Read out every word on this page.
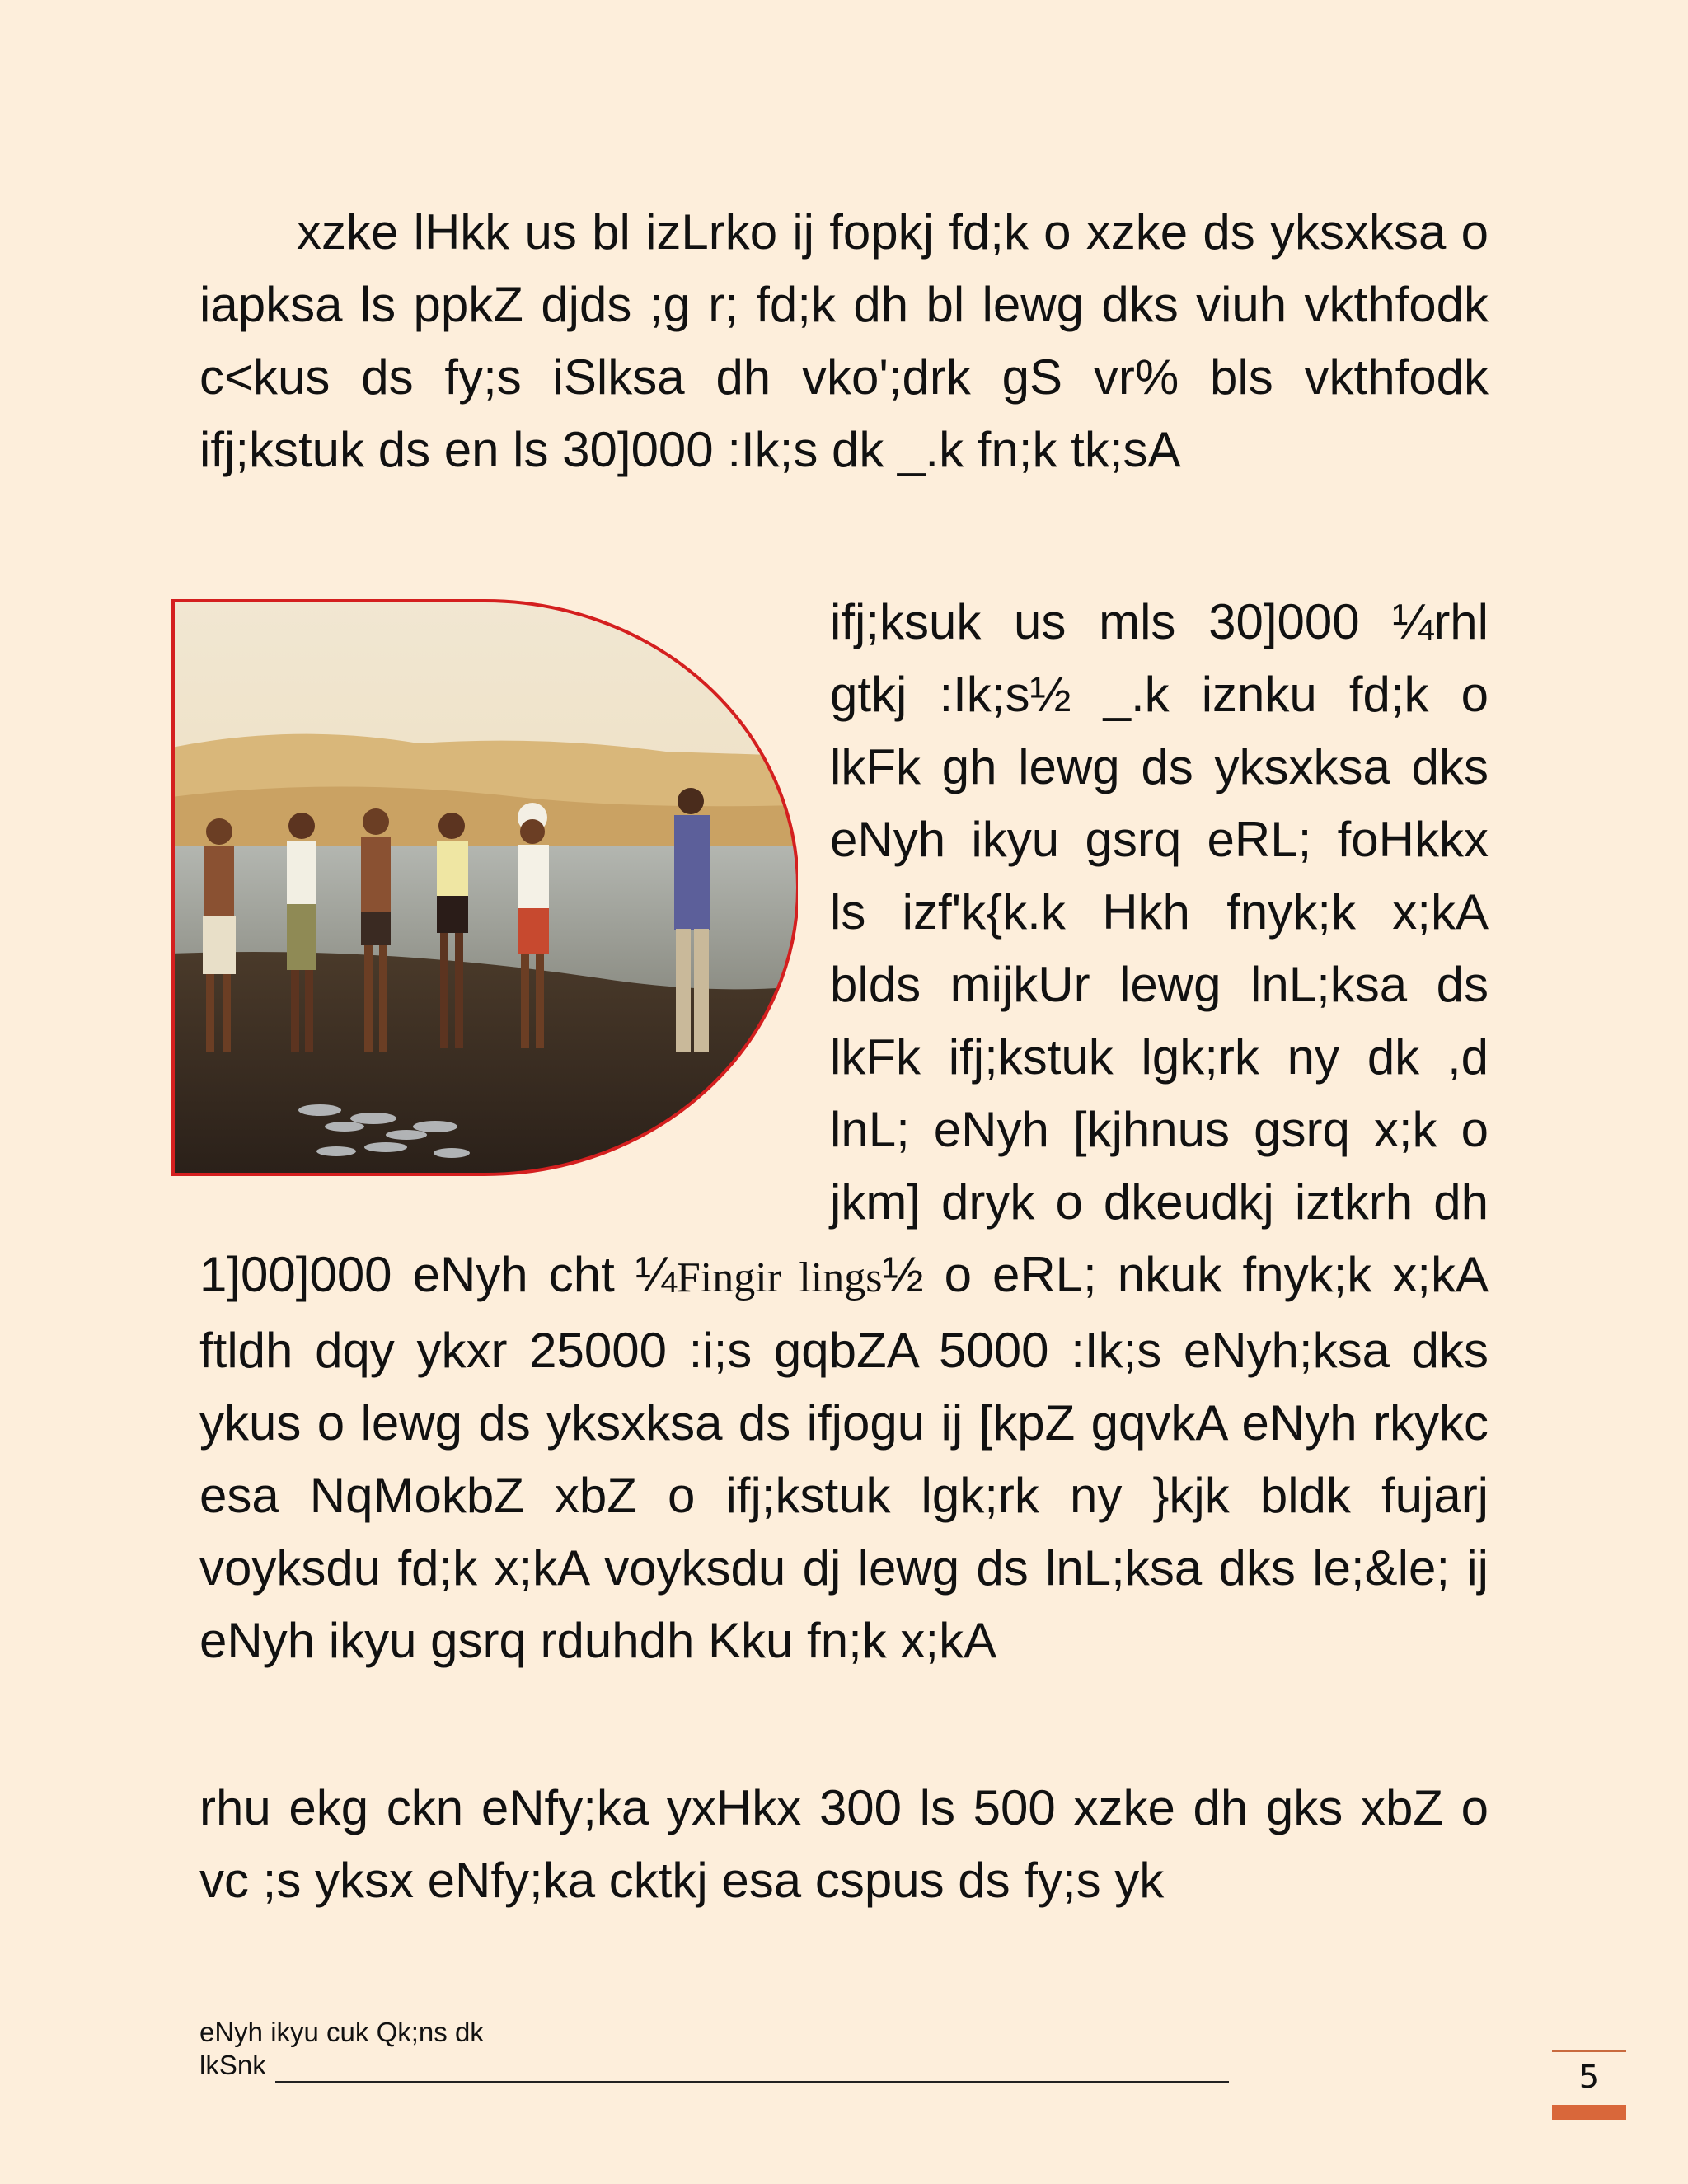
xzke lHkk us bl izLrko ij fopkj fd;k o xzke ds yksxksa o iapksa ls ppkZ djds ;g r; fd;k dh bl lewg dks viuh vkthfodk c<kus ds fy;s iSlksa dh vko';drk gS vr% bls vkthfodk ifj;kstuk ds en ls 30]000 :Ik;s dk _.k fn;k tk;sA
ifj;ksuk us mls 30]000 ¼rhl gtkj :Ik;s½ _.k iznku fd;k o lkFk gh lewg ds yksxksa dks eNyh ikyu gsrq eRL; foHkkx ls izf'k{k.k Hkh fnyk;k x;kA blds mijkUr lewg lnL;ksa ds lkFk ifj;kstuk lgk;rk ny dk ,d lnL; eNyh [kjhnus gsrq x;k o jkm] dryk o dkeudkj iztkrh dh 1]00]000 eNyh cht ¼Fingir lings½ o eRL; nkuk fnyk;k x;kA ftldh dqy ykxr 25000 :i;s gqbZA 5000 :Ik;s eNyh;ksa dks ykus o lewg ds yksxksa ds ifjogu ij [kpZ gqvkA eNyh rkykc esa NqMokbZ xbZ o ifj;kstuk lgk;rk ny }kjk bldk fujarj voyksdu fd;k x;kA voyksdu dj lewg ds lnL;ksa dks le;&le; ij eNyh ikyu gsrq rduhdh Kku fn;k x;kA
rhu ekg ckn eNfy;ka yxHkx 300 ls 500 xzke dh gks xbZ o vc ;s yksx eNfy;ka cktkj esa cspus ds fy;s yk
eNyh ikyu cuk Qk;ns dk
lkSnk	5
